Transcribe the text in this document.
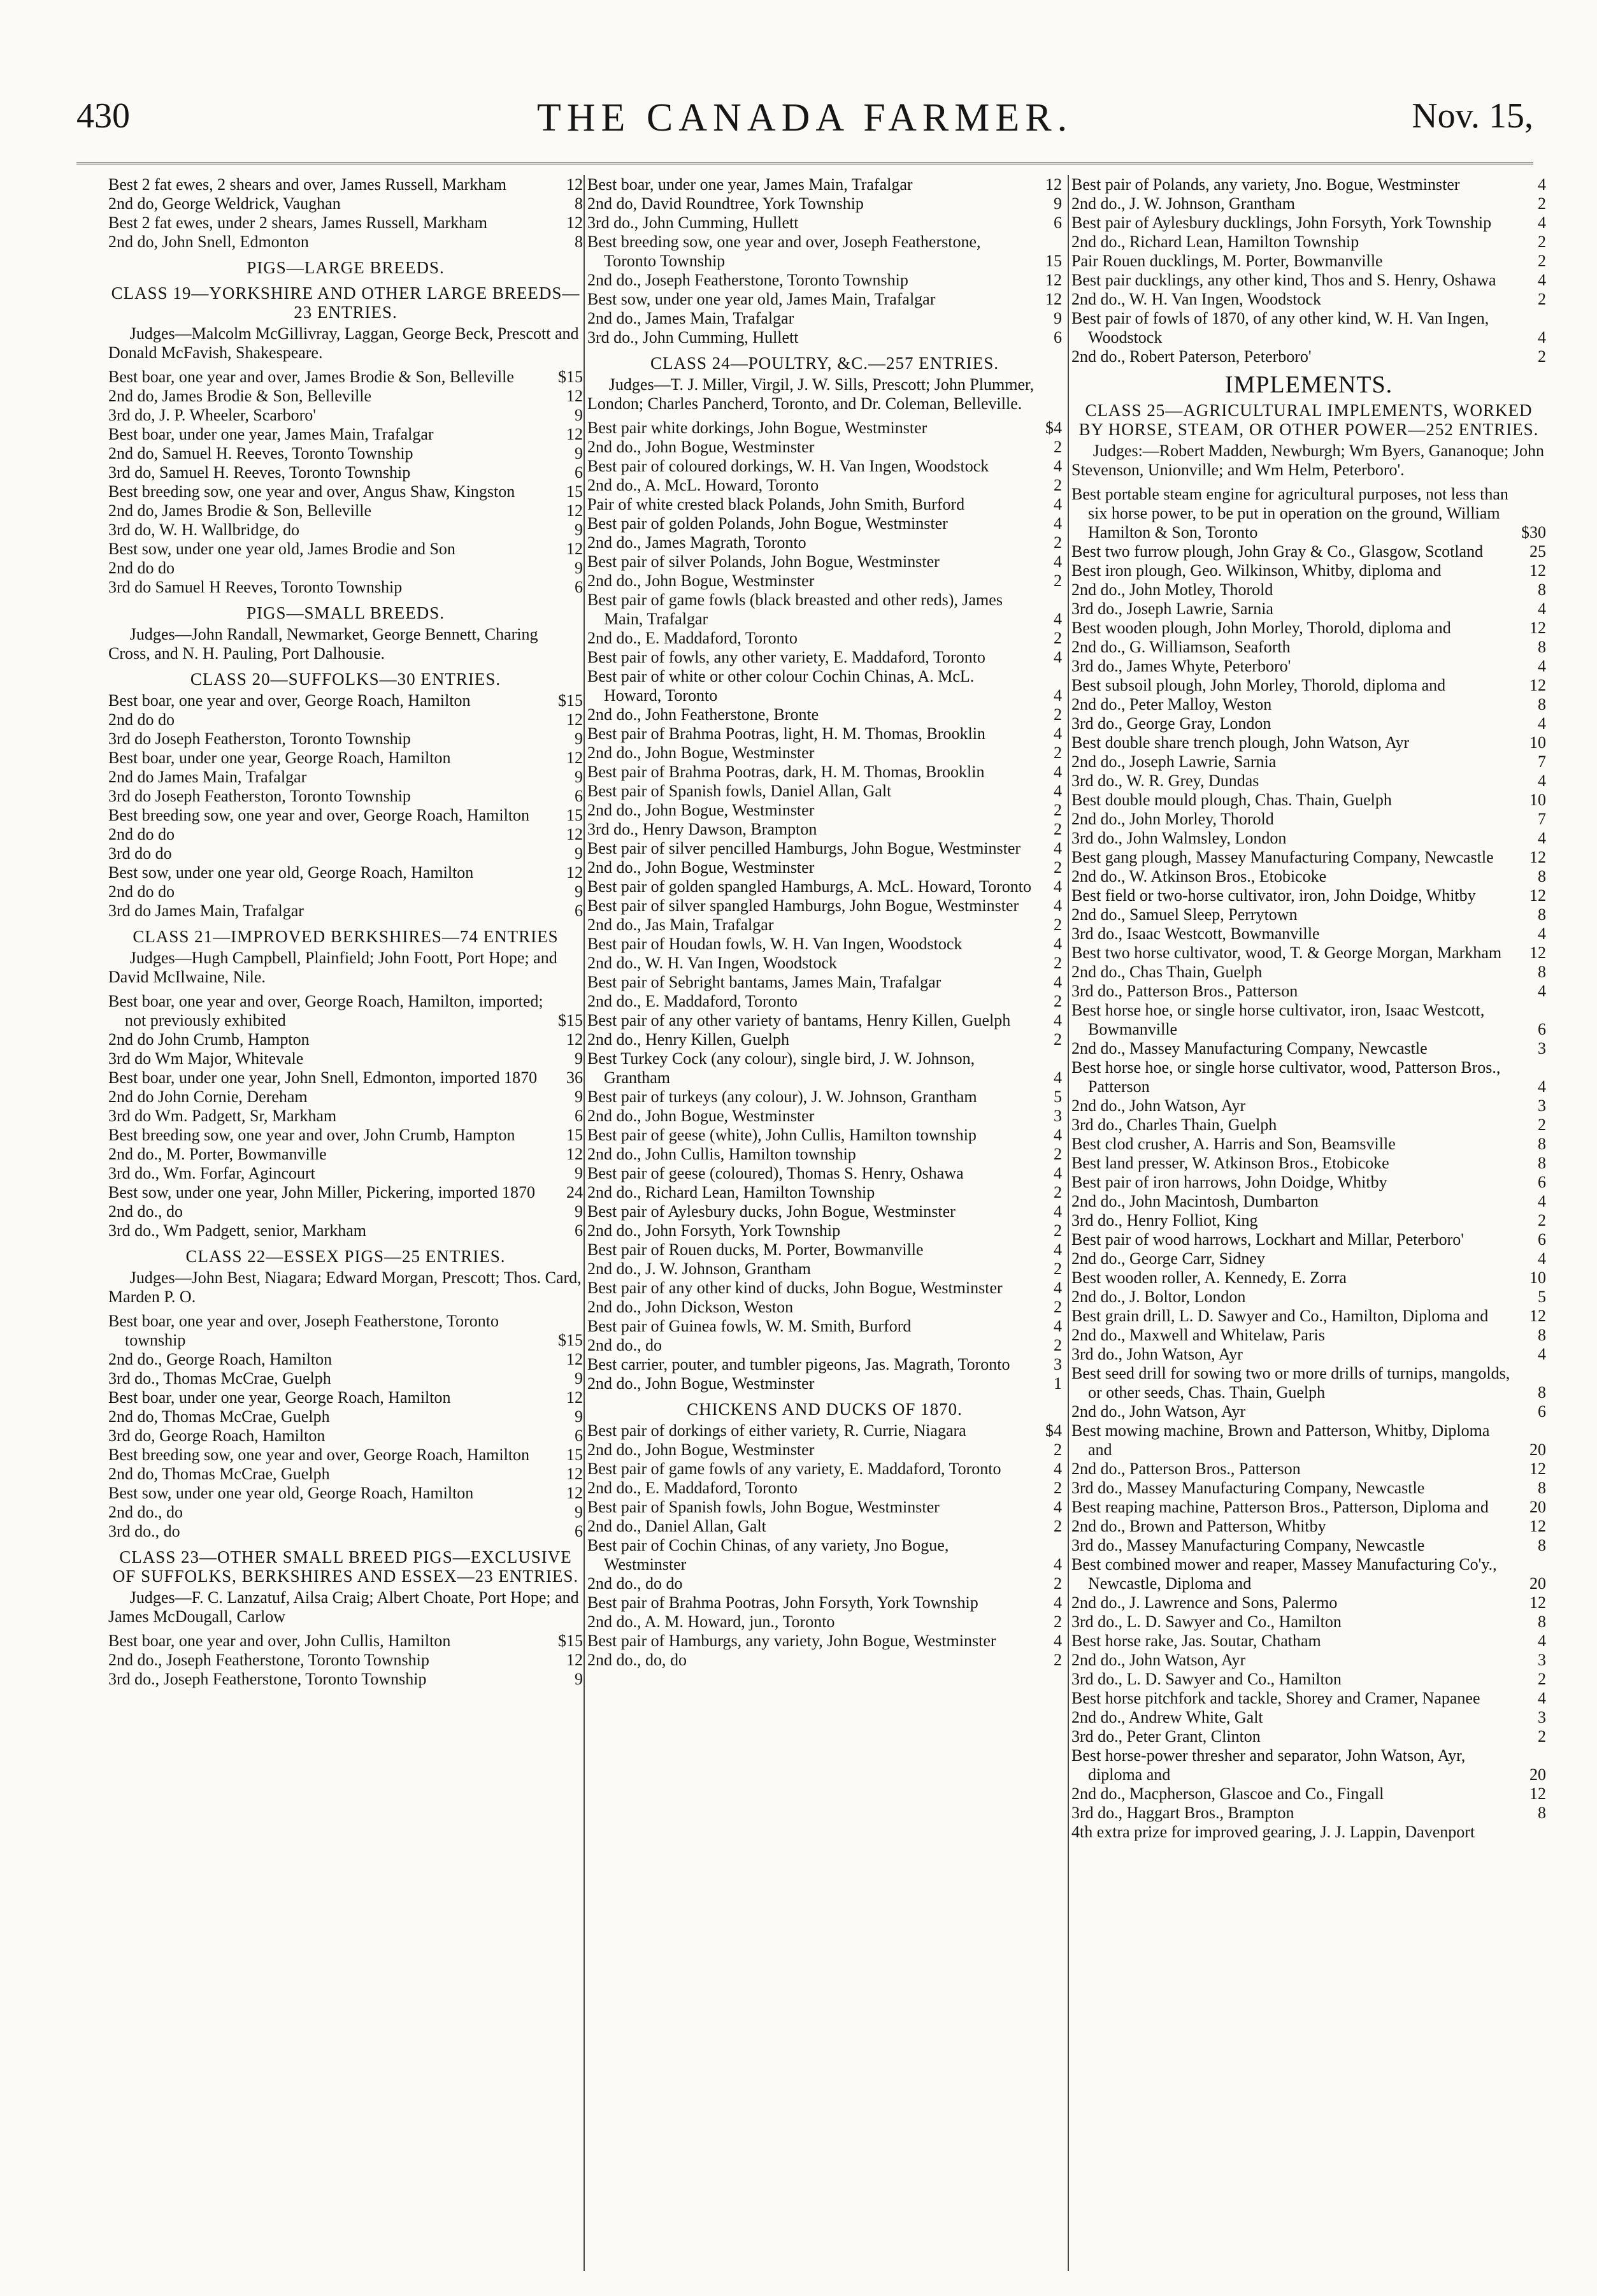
430	THE CANADA FARMER.	Nov. 15,
Best 2 fat ewes, 2 shears and over, James Russell, Markham	12
2nd do, George Weldrick, Vaughan	8
Best 2 fat ewes, under 2 shears, James Russell, Markham	12
2nd do, John Snell, Edmonton	8
PIGS—LARGE BREEDS.
CLASS 19—YORKSHIRE AND OTHER LARGE BREEDS—23 ENTRIES.
Judges—Malcolm McGillivray, Laggan, George Beck, Prescott and Donald McFavish, Shakespeare.
Best boar, one year and over, James Brodie & Son, Belleville	$15
2nd do, James Brodie & Son, Belleville	12
3rd do, J. P. Wheeler, Scarboro'	9
Best boar, under one year, James Main, Trafalgar	12
2nd do, Samuel H. Reeves, Toronto Township	9
3rd do, Samuel H. Reeves, Toronto Township	6
Best breeding sow, one year and over, Angus Shaw, Kingston	15
2nd do, James Brodie & Son, Belleville	12
3rd do, W. H. Wallbridge, do	9
Best sow, under one year old, James Brodie and Son	12
2nd do do	9
3rd do Samuel H Reeves, Toronto Township	6
PIGS—SMALL BREEDS.
Judges—John Randall, Newmarket, George Bennett, Charing Cross, and N. H. Pauling, Port Dalhousie.
CLASS 20—SUFFOLKS—30 ENTRIES.
Best boar, one year and over, George Roach, Hamilton	$15
2nd do do	12
3rd do Joseph Featherston, Toronto Township	9
Best boar, under one year, George Roach, Hamilton	12
2nd do James Main, Trafalgar	9
3rd do Joseph Featherston, Toronto Township	6
Best breeding sow, one year and over, George Roach, Hamilton	15
2nd do do	12
3rd do do	9
Best sow, under one year old, George Roach, Hamilton	12
2nd do do	9
3rd do James Main, Trafalgar	6
CLASS 21—IMPROVED BERKSHIRES—74 ENTRIES
Judges—Hugh Campbell, Plainfield; John Foott, Port Hope; and David McIlwaine, Nile.
Best boar, one year and over, George Roach, Hamilton, imported; not previously exhibited	$15
2nd do John Crumb, Hampton	12
3rd do Wm Major, Whitevale	9
Best boar, under one year, John Snell, Edmonton, imported 1870	36
2nd do John Cornie, Dereham	9
3rd do Wm. Padgett, Sr, Markham	6
Best breeding sow, one year and over, John Crumb, Hampton	15
2nd do., M. Porter, Bowmanville	12
3rd do., Wm. Forfar, Agincourt	9
Best sow, under one year, John Miller, Pickering, imported 1870	24
2nd do., do	9
3rd do., Wm Padgett, senior, Markham	6
CLASS 22—ESSEX PIGS—25 ENTRIES.
Judges—John Best, Niagara; Edward Morgan, Prescott; Thos. Card, Marden P. O.
Best boar, one year and over, Joseph Featherstone, Toronto township	$15
2nd do., George Roach, Hamilton	12
3rd do., Thomas McCrae, Guelph	9
Best boar, under one year, George Roach, Hamilton	12
2nd do, Thomas McCrae, Guelph	9
3rd do, George Roach, Hamilton	6
Best breeding sow, one year and over, George Roach, Hamilton	15
2nd do, Thomas McCrae, Guelph	12
Best sow, under one year old, George Roach, Hamilton	12
2nd do., do	9
3rd do., do	6
CLASS 23—OTHER SMALL BREED PIGS—EXCLUSIVE OF SUFFOLKS, BERKSHIRES AND ESSEX—23 ENTRIES.
Judges—F. C. Lanzatuf, Ailsa Craig; Albert Choate, Port Hope; and James McDougall, Carlow
Best boar, one year and over, John Cullis, Hamilton	$15
2nd do., Joseph Featherstone, Toronto Township	12
3rd do., Joseph Featherstone, Toronto Township	9
Best boar, under one year, James Main, Trafalgar	12
2nd do, David Roundtree, York Township	9
3rd do., John Cumming, Hullett	6
Best breeding sow, one year and over, Joseph Featherstone, Toronto Township	15
2nd do., Joseph Featherstone, Toronto Township	12
Best sow, under one year old, James Main, Trafalgar	12
2nd do., James Main, Trafalgar	9
3rd do., John Cumming, Hullett	6
CLASS 24—POULTRY, &C.—257 ENTRIES.
Judges—T. J. Miller, Virgil, J. W. Sills, Prescott; John Plummer, London; Charles Pancherd, Toronto, and Dr. Coleman, Belleville.
Best pair white dorkings, John Bogue, Westminster	$4
2nd do., John Bogue, Westminster	2
Best pair of coloured dorkings, W. H. Van Ingen, Woodstock	4
2nd do., A. McL. Howard, Toronto	2
Pair of white crested black Polands, John Smith, Burford	4
Best pair of golden Polands, John Bogue, Westminster	4
2nd do., James Magrath, Toronto	2
Best pair of silver Polands, John Bogue, Westminster	4
2nd do., John Bogue, Westminster	2
Best pair of game fowls (black breasted and other reds), James Main, Trafalgar	4
2nd do., E. Maddaford, Toronto	2
Best pair of fowls, any other variety, E. Maddaford, Toronto	4
Best pair of white or other colour Cochin Chinas, A. McL. Howard, Toronto	4
2nd do., John Featherstone, Bronte	2
Best pair of Brahma Pootras, light, H. M. Thomas, Brooklin	4
2nd do., John Bogue, Westminster	2
Best pair of Brahma Pootras, dark, H. M. Thomas, Brooklin	4
Best pair of Spanish fowls, Daniel Allan, Galt	4
2nd do., John Bogue, Westminster	2
3rd do., Henry Dawson, Brampton	2
Best pair of silver pencilled Hamburgs, John Bogue, Westminster	4
2nd do., John Bogue, Westminster	2
Best pair of golden spangled Hamburgs, A. McL. Howard, Toronto	4
Best pair of silver spangled Hamburgs, John Bogue, Westminster	4
2nd do., Jas Main, Trafalgar	2
Best pair of Houdan fowls, W. H. Van Ingen, Woodstock	4
2nd do., W. H. Van Ingen, Woodstock	2
Best pair of Sebright bantams, James Main, Trafalgar	4
2nd do., E. Maddaford, Toronto	2
Best pair of any other variety of bantams, Henry Killen, Guelph	4
2nd do., Henry Killen, Guelph	2
Best Turkey Cock (any colour), single bird, J. W. Johnson, Grantham	4
Best pair of turkeys (any colour), J. W. Johnson, Grantham	5
2nd do., John Bogue, Westminster	3
Best pair of geese (white), John Cullis, Hamilton township	4
2nd do., John Cullis, Hamilton township	2
Best pair of geese (coloured), Thomas S. Henry, Oshawa	4
2nd do., Richard Lean, Hamilton Township	2
Best pair of Aylesbury ducks, John Bogue, Westminster	4
2nd do., John Forsyth, York Township	2
Best pair of Rouen ducks, M. Porter, Bowmanville	4
2nd do., J. W. Johnson, Grantham	2
Best pair of any other kind of ducks, John Bogue, Westminster	4
2nd do., John Dickson, Weston	2
Best pair of Guinea fowls, W. M. Smith, Burford	4
2nd do., do	2
Best carrier, pouter, and tumbler pigeons, Jas. Magrath, Toronto	3
2nd do., John Bogue, Westminster	1
CHICKENS AND DUCKS OF 1870.
Best pair of dorkings of either variety, R. Currie, Niagara	$4
2nd do., John Bogue, Westminster	2
Best pair of game fowls of any variety, E. Maddaford, Toronto	4
2nd do., E. Maddaford, Toronto	2
Best pair of Spanish fowls, John Bogue, Westminster	4
2nd do., Daniel Allan, Galt	2
Best pair of Cochin Chinas, of any variety, Jno Bogue, Westminster	4
2nd do., do do	2
Best pair of Brahma Pootras, John Forsyth, York Township	4
2nd do., A. M. Howard, jun., Toronto	2
Best pair of Hamburgs, any variety, John Bogue, Westminster	4
2nd do., do, do	2
Best pair of Polands, any variety, Jno. Bogue, Westminster	4
2nd do., J. W. Johnson, Grantham	2
Best pair of Aylesbury ducklings, John Forsyth, York Township	4
2nd do., Richard Lean, Hamilton Township	2
Pair Rouen ducklings, M. Porter, Bowmanville	2
Best pair ducklings, any other kind, Thos and S. Henry, Oshawa	4
2nd do., W. H. Van Ingen, Woodstock	2
Best pair of fowls of 1870, of any other kind, W. H. Van Ingen, Woodstock	4
2nd do., Robert Paterson, Peterboro'	2
IMPLEMENTS.
CLASS 25—AGRICULTURAL IMPLEMENTS, WORKED BY HORSE, STEAM, OR OTHER POWER—252 ENTRIES.
Judges:—Robert Madden, Newburgh; Wm Byers, Gananoque; John Stevenson, Unionville; and Wm Helm, Peterboro'.
Best portable steam engine for agricultural purposes, not less than six horse power, to be put in operation on the ground, William Hamilton & Son, Toronto	$30
Best two furrow plough, John Gray & Co., Glasgow, Scotland	25
Best iron plough, Geo. Wilkinson, Whitby, diploma and	12
2nd do., John Motley, Thorold	8
3rd do., Joseph Lawrie, Sarnia	4
Best wooden plough, John Morley, Thorold, diploma and	12
2nd do., G. Williamson, Seaforth	8
3rd do., James Whyte, Peterboro'	4
Best subsoil plough, John Morley, Thorold, diploma and	12
2nd do., Peter Malloy, Weston	8
3rd do., George Gray, London	4
Best double share trench plough, John Watson, Ayr	10
2nd do., Joseph Lawrie, Sarnia	7
3rd do., W. R. Grey, Dundas	4
Best double mould plough, Chas. Thain, Guelph	10
2nd do., John Morley, Thorold	7
3rd do., John Walmsley, London	4
Best gang plough, Massey Manufacturing Company, Newcastle	12
2nd do., W. Atkinson Bros., Etobicoke	8
Best field or two-horse cultivator, iron, John Doidge, Whitby	12
2nd do., Samuel Sleep, Perrytown	8
3rd do., Isaac Westcott, Bowmanville	4
Best two horse cultivator, wood, T. & George Morgan, Markham	12
2nd do., Chas Thain, Guelph	8
3rd do., Patterson Bros., Patterson	4
Best horse hoe, or single horse cultivator, iron, Isaac Westcott, Bowmanville	6
2nd do., Massey Manufacturing Company, Newcastle	3
Best horse hoe, or single horse cultivator, wood, Patterson Bros., Patterson	4
2nd do., John Watson, Ayr	3
3rd do., Charles Thain, Guelph	2
Best clod crusher, A. Harris and Son, Beamsville	8
Best land presser, W. Atkinson Bros., Etobicoke	8
Best pair of iron harrows, John Doidge, Whitby	6
2nd do., John Macintosh, Dumbarton	4
3rd do., Henry Folliot, King	2
Best pair of wood harrows, Lockhart and Millar, Peterboro'	6
2nd do., George Carr, Sidney	4
Best wooden roller, A. Kennedy, E. Zorra	10
2nd do., J. Boltor, London	5
Best grain drill, L. D. Sawyer and Co., Hamilton, Diploma and	12
2nd do., Maxwell and Whitelaw, Paris	8
3rd do., John Watson, Ayr	4
Best seed drill for sowing two or more drills of turnips, mangolds, or other seeds, Chas. Thain, Guelph	8
2nd do., John Watson, Ayr	6
Best mowing machine, Brown and Patterson, Whitby, Diploma and	20
2nd do., Patterson Bros., Patterson	12
3rd do., Massey Manufacturing Company, Newcastle	8
Best reaping machine, Patterson Bros., Patterson, Diploma and	20
2nd do., Brown and Patterson, Whitby	12
3rd do., Massey Manufacturing Company, Newcastle	8
Best combined mower and reaper, Massey Manufacturing Co'y., Newcastle, Diploma and	20
2nd do., J. Lawrence and Sons, Palermo	12
3rd do., L. D. Sawyer and Co., Hamilton	8
Best horse rake, Jas. Soutar, Chatham	4
2nd do., John Watson, Ayr	3
3rd do., L. D. Sawyer and Co., Hamilton	2
Best horse pitchfork and tackle, Shorey and Cramer, Napanee	4
2nd do., Andrew White, Galt	3
3rd do., Peter Grant, Clinton	2
Best horse-power thresher and separator, John Watson, Ayr, diploma and	20
2nd do., Macpherson, Glascoe and Co., Fingall	12
3rd do., Haggart Bros., Brampton	8
4th extra prize for improved gearing, J. J. Lappin, Davenport
